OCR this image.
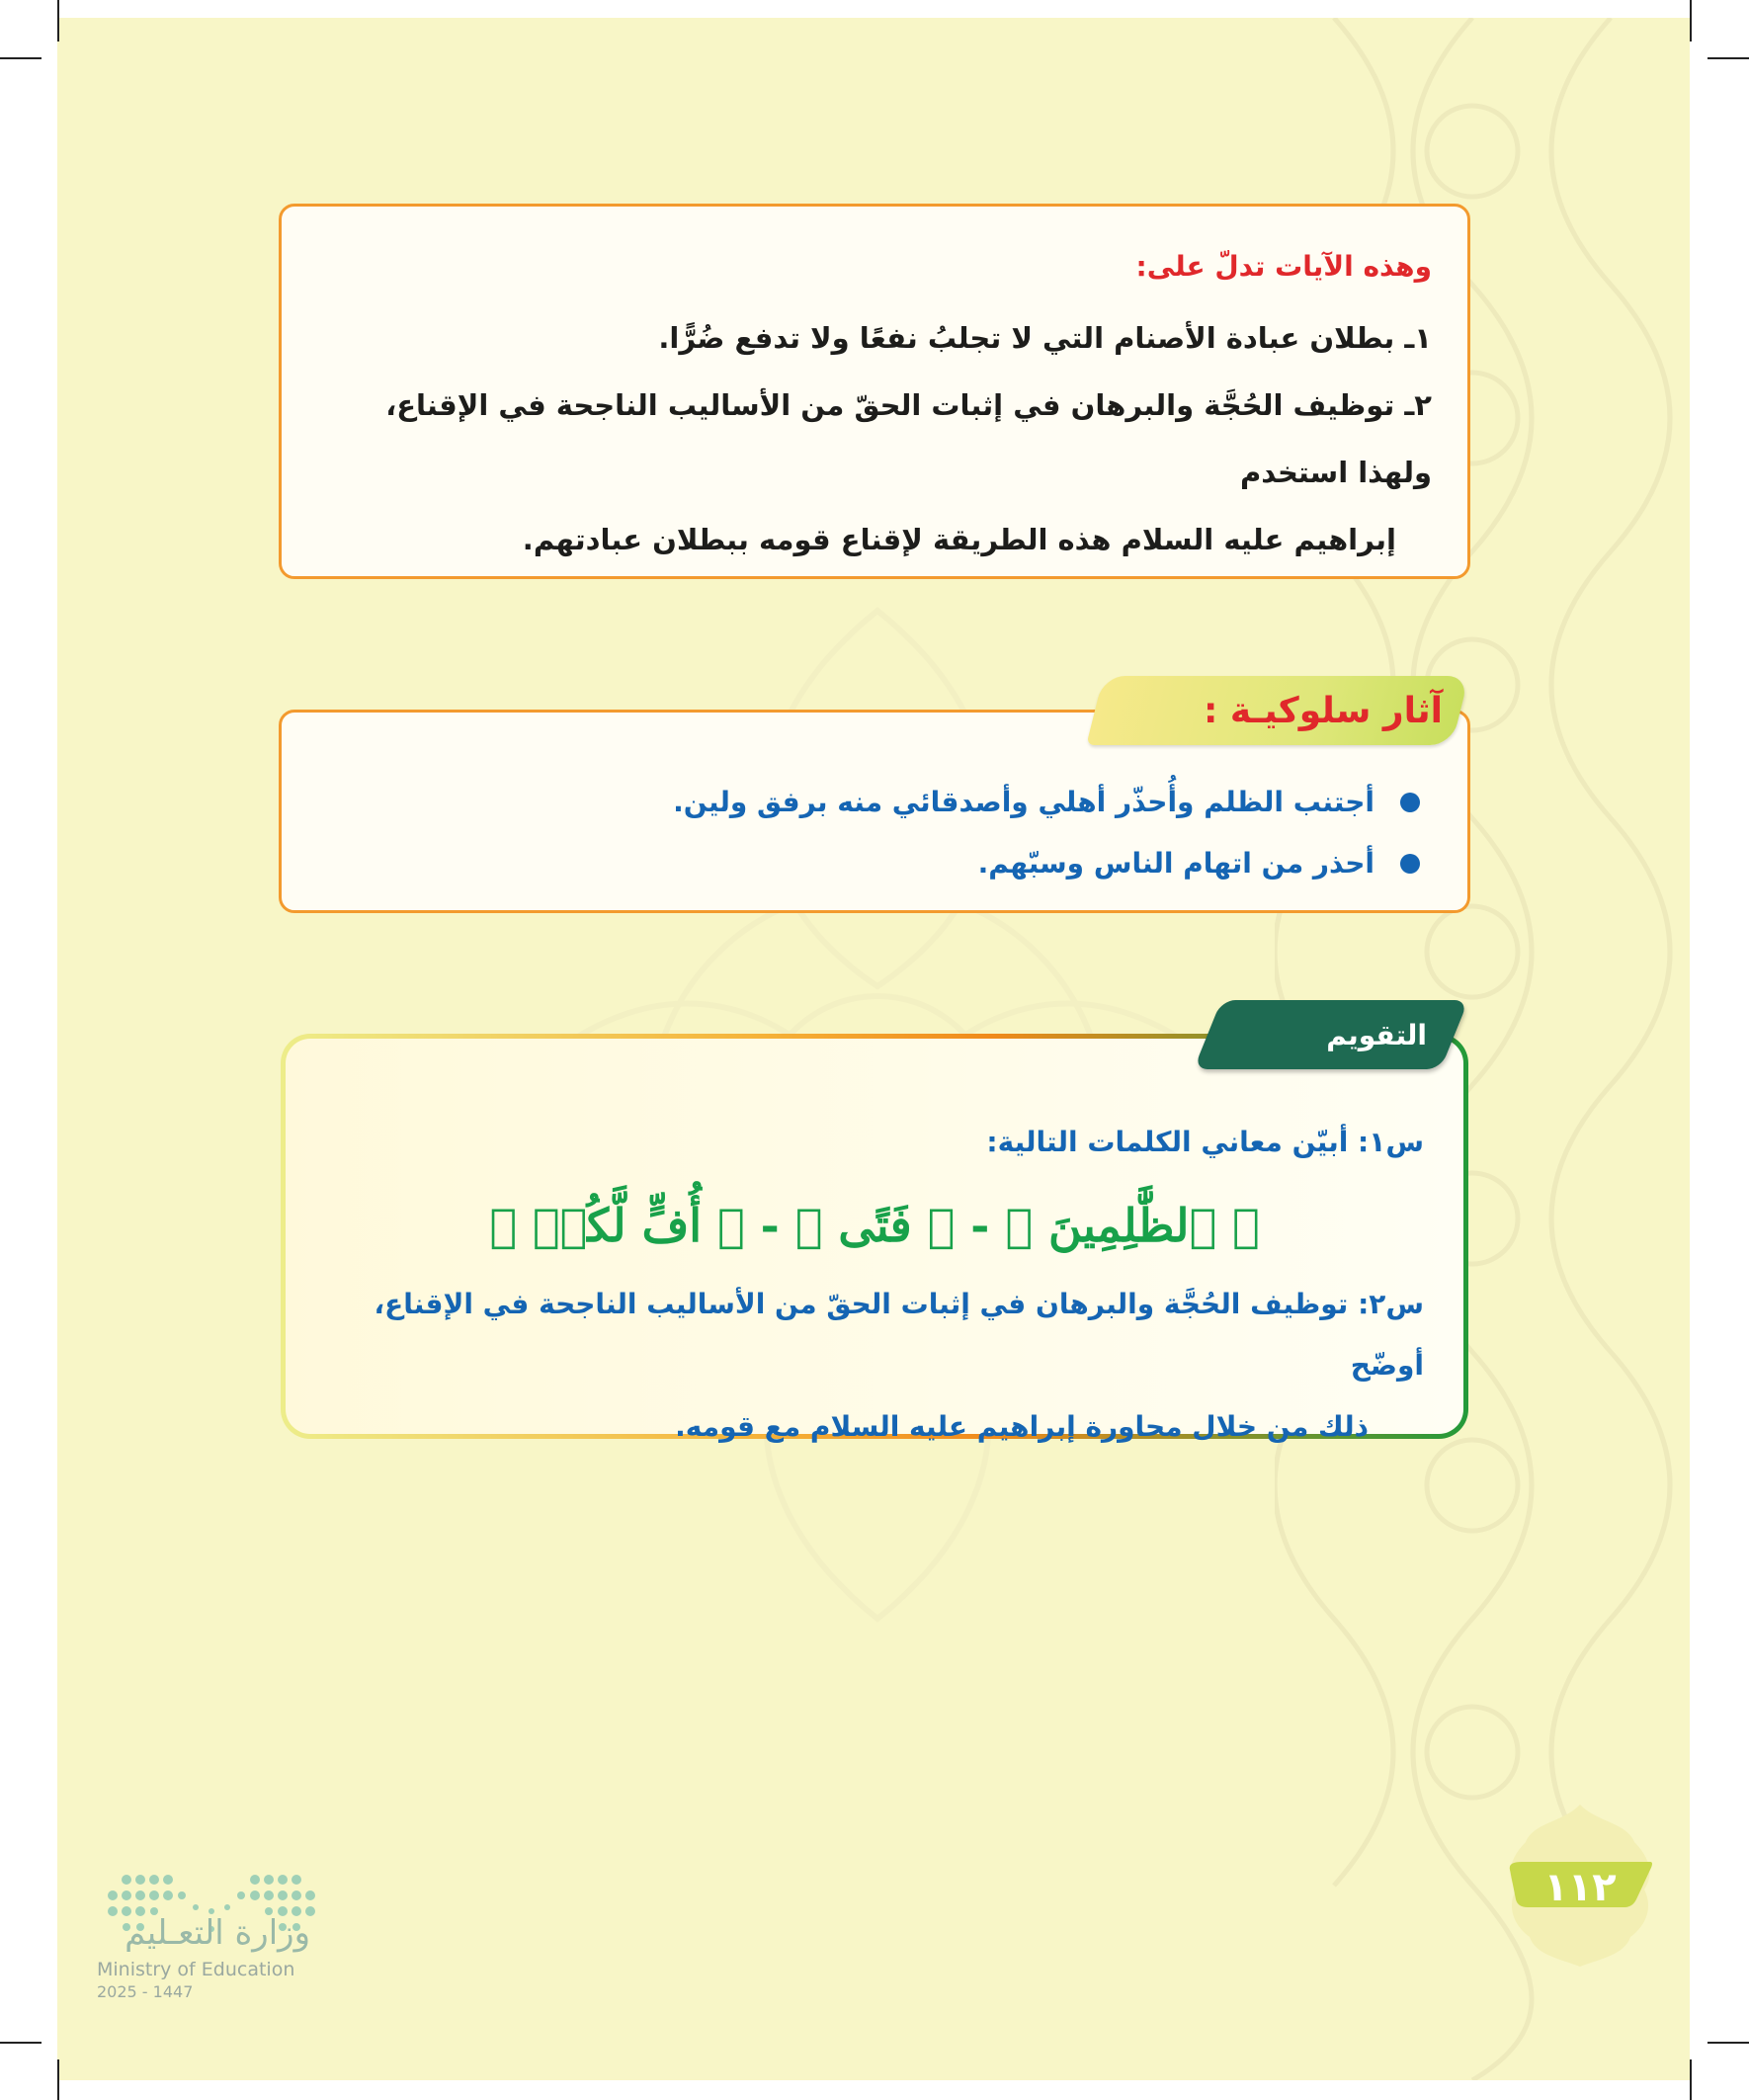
وهذه الآيات تدلّ على:
١ـ بطلان عبادة الأصنام التي لا تجلبُ نفعًا ولا تدفع ضُرًّا.
٢ـ توظيف الحُجَّة والبرهان في إثبات الحقّ من الأساليب الناجحة في الإقناع، ولهذا استخدم
إبراهيم عليه السلام هذه الطريقة لإقناع قومه ببطلان عبادتهم.
أجتنب الظلم وأُحذّر أهلي وأصدقائي منه برفق ولين.
أحذر من اتهام الناس وسبّهم.
آثار سلوكيـة :
س١: أبيّن معاني الكلمات التالية:
﴿ ٱلظَّٰلِمِينَ ﴾ - ﴿ فَتًى ﴾ - ﴿ أُفٍّ لَّكُمۡ ﴾
س٢: توظيف الحُجَّة والبرهان في إثبات الحقّ من الأساليب الناجحة في الإقناع، أوضّح
ذلك من خلال محاورة إبراهيم عليه السلام مع قومه.
التقويم
١١٢
وزارة التعـليم
Ministry of Education
2025 - 1447
